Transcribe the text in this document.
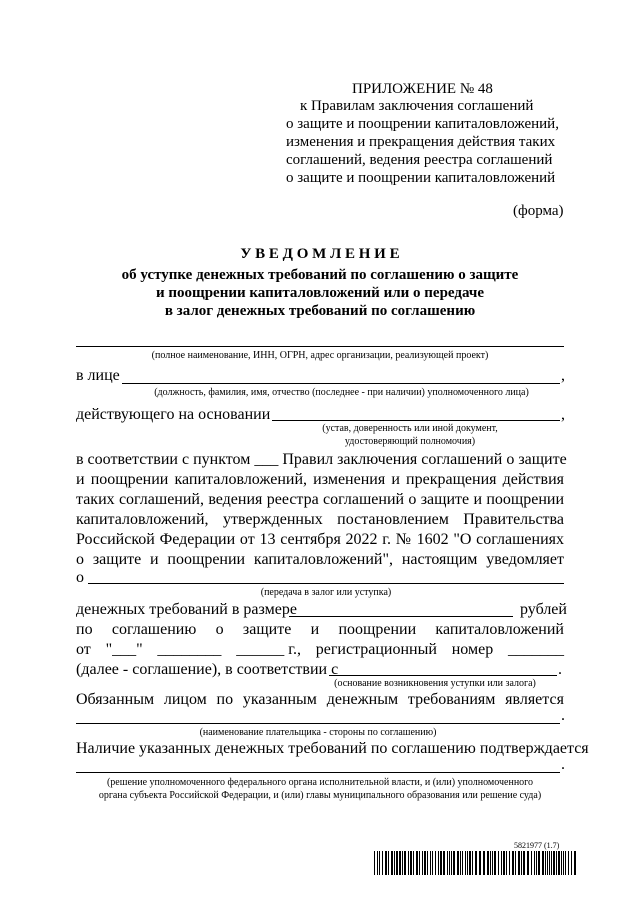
ПРИЛОЖЕНИЕ № 48
к Правилам заключения соглашений
о защите и поощрении капиталовложений,
изменения и прекращения действия таких
соглашений, ведения реестра соглашений
о защите и поощрении капиталовложений
(форма)
У В Е Д О М Л Е Н И Е
об уступке денежных требований по соглашению о защите
и поощрении капиталовложений или о передаче
в залог денежных требований по соглашению
(полное наименование, ИНН, ОГРН, адрес организации, реализующей проект)
в лице	,
(должность, фамилия, имя, отчество (последнее - при наличии) уполномоченного лица)
действующего на основании	,
(устав, доверенность или иной документ,
удостоверяющий полномочия)
в соответствии с пунктом ___ Правил заключения соглашений о защите
и поощрении капиталовложений, изменения и прекращения действия
таких соглашений, ведения реестра соглашений о защите и поощрении
капиталовложений, утвержденных постановлением Правительства
Российской Федерации от 13 сентября 2022 г. № 1602 "О соглашениях
о защите и поощрении капиталовложений", настоящим уведомляет
о
(передача в залог или уступка)
денежных требований в размере	рублей
по соглашению о защите и поощрении капиталовложений
от "___" ________ ______ г., регистрационный номер _______
(далее - соглашение), в соответствии с	.
(основание возникновения уступки или залога)
Обязанным лицом по указанным денежным требованиям является
.
(наименование плательщика - стороны по соглашению)
Наличие указанных денежных требований по соглашению подтверждается
.
(решение уполномоченного федерального органа исполнительной власти, и (или) уполномоченного
органа субъекта Российской Федерации, и (или) главы муниципального образования или решение суда)
5821977 (1.7)
